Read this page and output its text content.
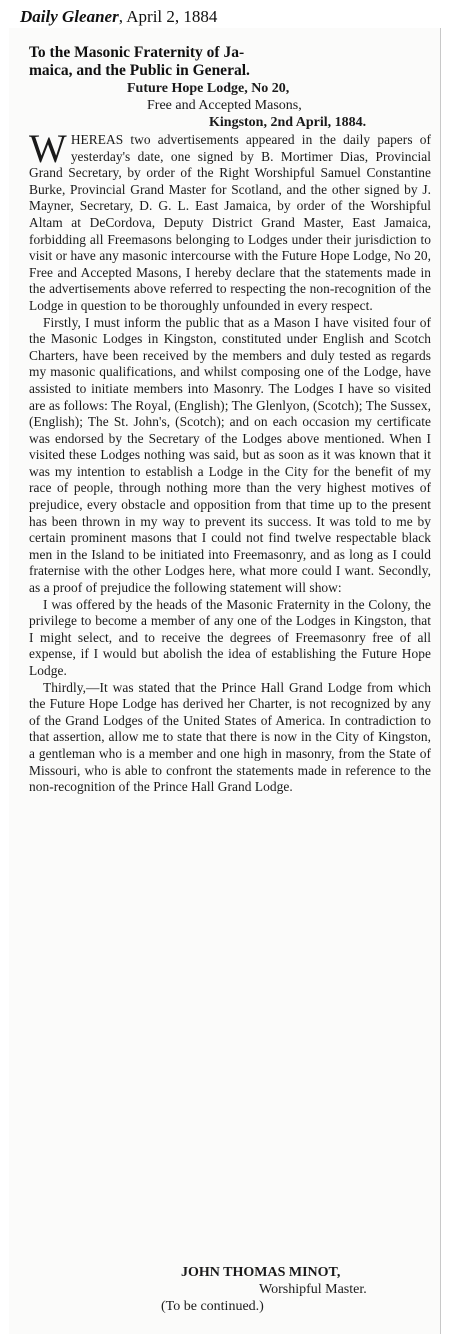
Daily Gleaner, April 2, 1884
To the Masonic Fraternity of Ja-
maica, and the Public in General.
Future Hope Lodge, No 20,
Free and Accepted Masons,
Kingston, 2nd April, 1884.

WHEREAS two advertisements appeared in the daily papers of yesterday's date, one signed by B. Mortimer Dias, Provincial Grand Secretary, by order of the Right Worshipful Samuel Constantine Burke, Provincial Grand Master for Scotland, and the other signed by J. Mayner, Secretary, D. G. L. East Jamaica, by order of the Worshipful Altam at DeCordova, Deputy District Grand Master, East Jamaica, forbidding all Freemasons belonging to Lodges under their jurisdiction to visit or have any masonic intercourse with the Future Hope Lodge, No 20, Free and Accepted Masons, I hereby declare that the statements made in the advertisements above referred to respecting the non-recognition of the Lodge in question to be thoroughly unfounded in every respect.

Firstly, I must inform the public that as a Mason I have visited four of the Masonic Lodges in Kingston, constituted under English and Scotch Charters, have been received by the members and duly tested as regards my masonic qualifications, and whilst composing one of the Lodge, have assisted to initiate members into Masonry. The Lodges I have so visited are as follows: The Royal, (English); The Glenlyon, (Scotch); The Sussex, (English); The St. John's, (Scotch); and on each occasion my certificate was endorsed by the Secretary of the Lodges above mentioned. When I visited these Lodges nothing was said, but as soon as it was known that it was my intention to establish a Lodge in the City for the benefit of my race of people, through nothing more than the very highest motives of prejudice, every obstacle and opposition from that time up to the present has been thrown in my way to prevent its success. It was told to me by certain prominent masons that I could not find twelve respectable black men in the Island to be initiated into Freemasonry, and as long as I could fraternise with the other Lodges here, what more could I want. Secondly, as a proof of prejudice the following statement will show:

I was offered by the heads of the Masonic Fraternity in the Colony, the privilege to become a member of any one of the Lodges in Kingston, that I might select, and to receive the degrees of Freemasonry free of all expense, if I would but abolish the idea of establishing the Future Hope Lodge.

Thirdly,—It was stated that the Prince Hall Grand Lodge from which the Future Hope Lodge has derived her Charter, is not recognized by any of the Grand Lodges of the United States of America. In contradiction to that assertion, allow me to state that there is now in the City of Kingston, a gentleman who is a member and one high in masonry, from the State of Missouri, who is able to confront the statements made in reference to the non-recognition of the Prince Hall Grand Lodge.

JOHN THOMAS MINOT,
Worshipful Master.
(To be continued.)
